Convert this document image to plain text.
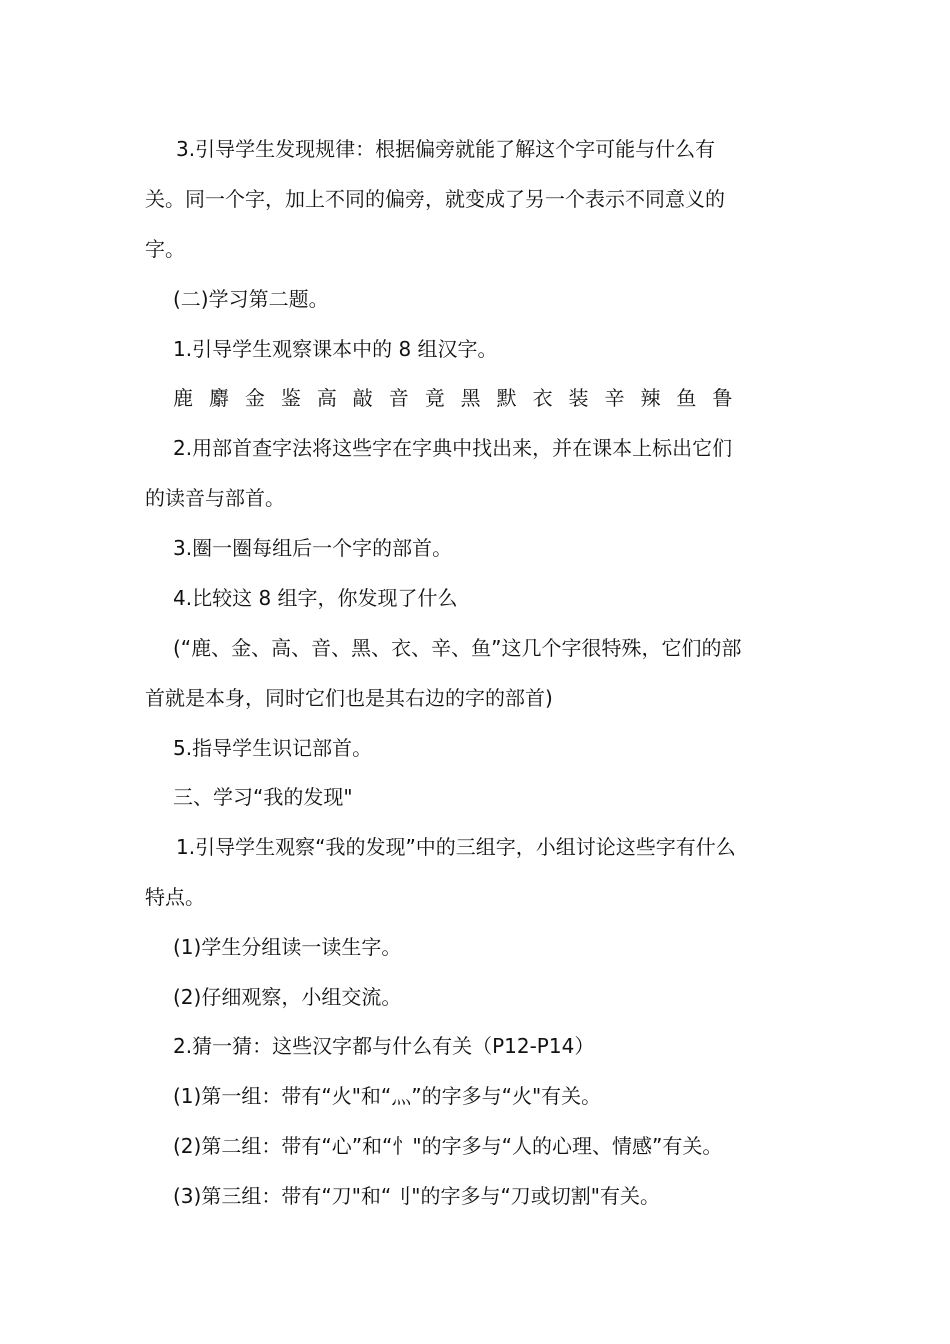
3.引导学生发现规律：根据偏旁就能了解这个字可能与什么有
关。同一个字，加上不同的偏旁，就变成了另一个表示不同意义的
字。
(二)学习第二题。
1.引导学生观察课本中的 8 组汉字。
鹿 麝 金 鉴 高 敲 音 竟 黑 默 衣 装 辛 辣 鱼 鲁
2.用部首查字法将这些字在字典中找出来，并在课本上标出它们
的读音与部首。
3.圈一圈每组后一个字的部首。
4.比较这 8 组字，你发现了什么
(“鹿、金、高、音、黑、衣、辛、鱼”这几个字很特殊，它们的部
首就是本身，同时它们也是其右边的字的部首)
5.指导学生识记部首。
三、学习“我的发现"
1.引导学生观察“我的发现”中的三组字，小组讨论这些字有什么
特点。
(1)学生分组读一读生字。
(2)仔细观察，小组交流。
2.猜一猜：这些汉字都与什么有关（P12-P14）
(1)第一组：带有“火"和“灬”的字多与“火"有关。
(2)第二组：带有“心”和“忄"的字多与“人的心理、情感”有关。
(3)第三组：带有“刀"和“刂"的字多与“刀或切割"有关。
